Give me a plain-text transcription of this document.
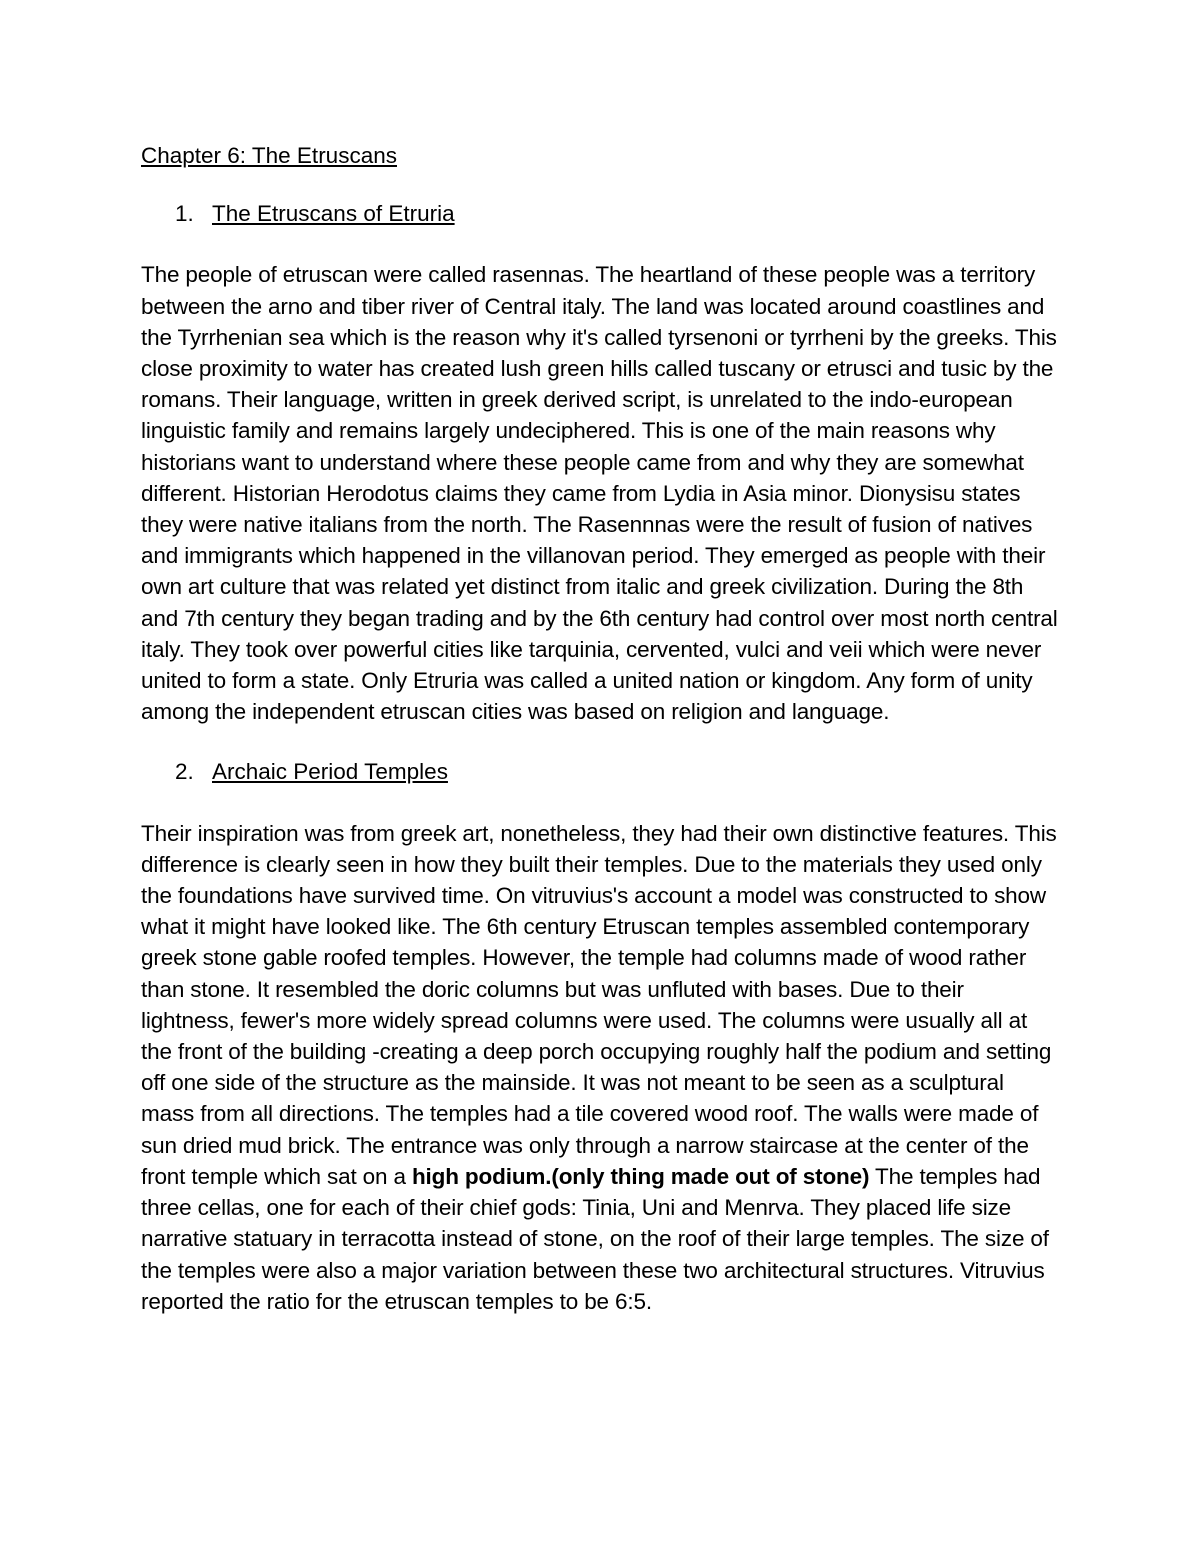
Chapter 6: The Etruscans
1. The Etruscans of Etruria

The people of etruscan were called rasennas. The heartland of these people was a territory between the arno and tiber river of Central italy. The land was located around coastlines and the Tyrrhenian sea which is the reason why it's called tyrsenoni or tyrrheni by the greeks. This close proximity to water has created lush green hills called tuscany or etrusci and tusic by the romans. Their language, written in greek derived script, is unrelated to the indo-european linguistic family and remains largely undeciphered. This is one of the main reasons why historians want to understand where these people came from and why they are somewhat different. Historian Herodotus claims they came from Lydia in Asia minor. Dionysisu states they were native italians from the north. The Rasennnas were the result of fusion of natives and immigrants which happened in the villanovan period. They emerged as people with their own art culture that was related yet distinct from italic and greek civilization. During the 8th and 7th century they began trading and by the 6th century had control over most north central italy. They took over powerful cities like tarquinia, cervented, vulci and veii which were never united to form a state. Only Etruria was called a united nation or kingdom. Any form of unity among the independent etruscan cities was based on religion and language.

2. Archaic Period Temples

Their inspiration was from greek art, nonetheless, they had their own distinctive features. This difference is clearly seen in how they built their temples. Due to the materials they used only the foundations have survived time. On vitruvius's account a model was constructed to show what it might have looked like. The 6th century Etruscan temples assembled contemporary greek stone gable roofed temples. However, the temple had columns made of wood rather than stone. It resembled the doric columns but was unfluted with bases. Due to their lightness, fewer's more widely spread columns were used. The columns were usually all at the front of the building -creating a deep porch occupying roughly half the podium and setting off one side of the structure as the mainside. It was not meant to be seen as a sculptural mass from all directions. The temples had a tile covered wood roof. The walls were made of sun dried mud brick. The entrance was only through a narrow staircase at the center of the front temple which sat on a high podium.(only thing made out of stone) The temples had three cellas, one for each of their chief gods: Tinia, Uni and Menrva. They placed life size narrative statuary in terracotta instead of stone, on the roof of their large temples. The size of the temples were also a major variation between these two architectural structures. Vitruvius reported the ratio for the etruscan temples to be 6:5.
